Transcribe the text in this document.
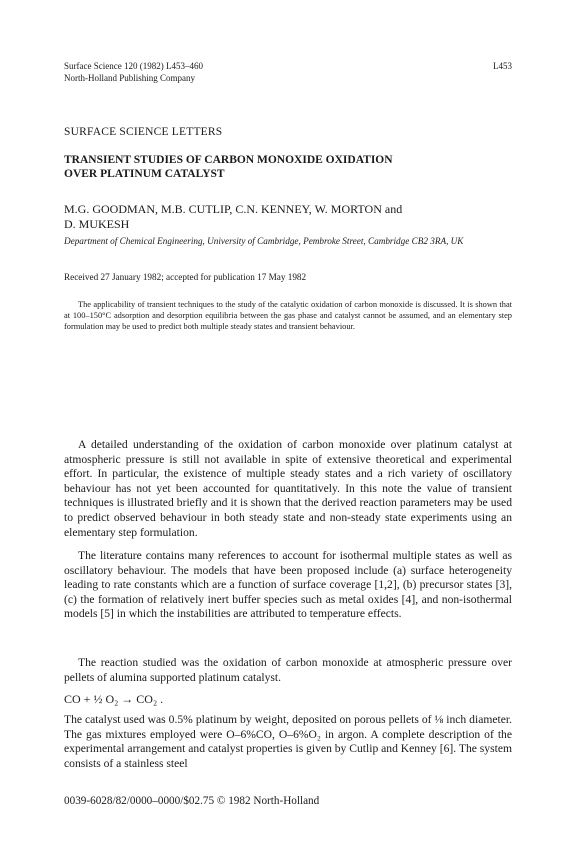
Surface Science 120 (1982) L453–460
North-Holland Publishing Company
L453
SURFACE SCIENCE LETTERS
TRANSIENT STUDIES OF CARBON MONOXIDE OXIDATION
OVER PLATINUM CATALYST
M.G. GOODMAN, M.B. CUTLIP, C.N. KENNEY, W. MORTON and
D. MUKESH
Department of Chemical Engineering, University of Cambridge, Pembroke Street, Cambridge CB2 3RA, UK
Received 27 January 1982; accepted for publication 17 May 1982
The applicability of transient techniques to the study of the catalytic oxidation of carbon monoxide is discussed. It is shown that at 100–150°C adsorption and desorption equilibria between the gas phase and catalyst cannot be assumed, and an elementary step formulation may be used to predict both multiple steady states and transient behaviour.
A detailed understanding of the oxidation of carbon monoxide over platinum catalyst at atmospheric pressure is still not available in spite of extensive theoretical and experimental effort. In particular, the existence of multiple steady states and a rich variety of oscillatory behaviour has not yet been accounted for quantitatively. In this note the value of transient techniques is illustrated briefly and it is shown that the derived reaction parameters may be used to predict observed behaviour in both steady state and non-steady state experiments using an elementary step formulation.
The literature contains many references to account for isothermal multiple states as well as oscillatory behaviour. The models that have been proposed include (a) surface heterogeneity leading to rate constants which are a function of surface coverage [1,2], (b) precursor states [3], (c) the formation of relatively inert buffer species such as metal oxides [4], and non-isothermal models [5] in which the instabilities are attributed to temperature effects.
The reaction studied was the oxidation of carbon monoxide at atmospheric pressure over pellets of alumina supported platinum catalyst.
CO + ½ O₂ → CO₂ .
The catalyst used was 0.5% platinum by weight, deposited on porous pellets of ⅛ inch diameter. The gas mixtures employed were O–6%CO, O–6%O₂ in argon. A complete description of the experimental arrangement and catalyst properties is given by Cutlip and Kenney [6]. The system consists of a stainless steel
0039-6028/82/0000–0000/$02.75 © 1982 North-Holland
